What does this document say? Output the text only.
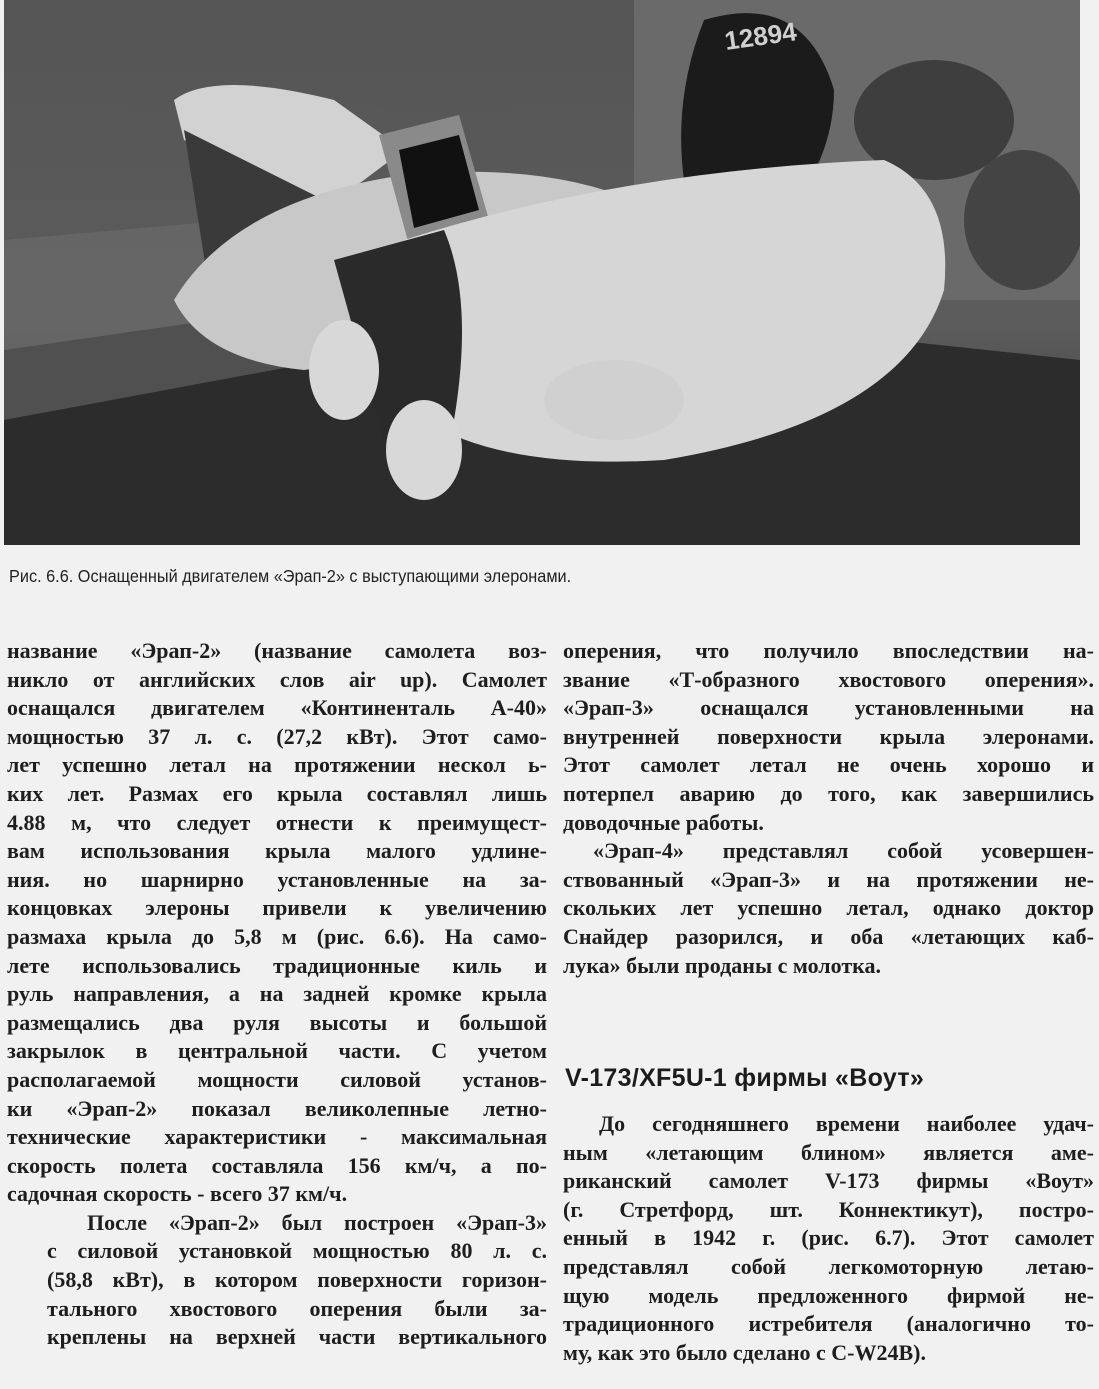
12894
Рис. 6.6. Оснащенный двигателем «Эрап-2» с выступающими элеронами.

название «Эрап-2» (название самолета воз-
никло от английских слов air up). Самолет
оснащался двигателем «Континенталь А-40»
мощностью 37 л. с. (27,2 кВт). Этот само-
лет успешно летал на протяжении нескол ь-
ких лет. Размах его крыла составлял лишь
4.88 м, что следует отнести к преимущест-
вам использования крыла малого удлине-
ния. но шарнирно установленные на за-
концовках элероны привели к увеличению
размаха крыла до 5,8 м (рис. 6.6). На само-
лете использовались традиционные киль и
руль направления, а на задней кромке крыла
размещались два руля высоты и большой
закрылок в центральной части. С учетом
располагаемой мощности силовой установ-
ки «Эрап-2» показал великолепные летно-
технические характеристики - максимальная
скорость полета составляла 156 км/ч, а по-
садочная скорость - всего 37 км/ч.

После «Эрап-2» был построен «Эрап-3»
с силовой установкой мощностью 80 л. с.
(58,8 кВт), в котором поверхности горизон-
тального хвостового оперения были за-
креплены на верхней части вертикального

оперения, что получило впоследствии на-
звание «Т-образного хвостового оперения».
«Эрап-3» оснащался установленными на
внутренней поверхности крыла элеронами.
Этот самолет летал не очень хорошо и
потерпел аварию до того, как завершились
доводочные работы.

«Эрап-4» представлял собой усовершен-
ствованный «Эрап-3» и на протяжении не-
скольких лет успешно летал, однако доктор
Снайдер разорился, и оба «летающих каб-
лука» были проданы с молотка.

V-173/XF5U-1 фирмы «Воут»

До сегодняшнего времени наиболее удач-
ным «летающим блином» является аме-
риканский самолет V-173 фирмы «Воут»
(г. Стретфорд, шт. Коннектикут), постро-
енный в 1942 г. (рис. 6.7). Этот самолет
представлял собой легкомоторную летаю-
щую модель предложенного фирмой не-
традиционного истребителя (аналогично то-
му, как это было сделано с C-W24B).
